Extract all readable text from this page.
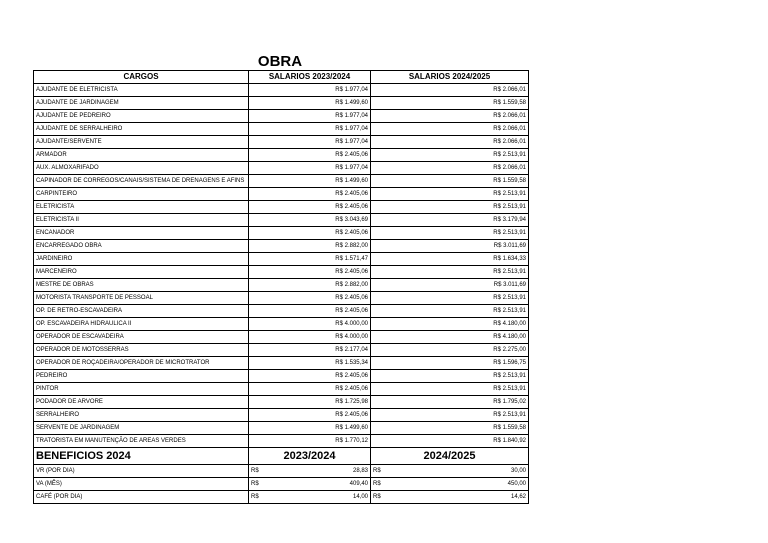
OBRA
CARGOS	SALARIOS 2023/2024	SALARIOS 2024/2025
AJUDANTE DE ELETRICISTA	R$ 1.977,04	R$ 2.066,01
AJUDANTE DE JARDINAGEM	R$ 1.499,60	R$ 1.559,58
AJUDANTE DE PEDREIRO	R$ 1.977,04	R$ 2.066,01
AJUDANTE DE SERRALHEIRO	R$ 1.977,04	R$ 2.066,01
AJUDANTE/SERVENTE	R$ 1.977,04	R$ 2.066,01
ARMADOR	R$ 2.405,06	R$ 2.513,91
AUX. ALMOXARIFADO	R$ 1.977,04	R$ 2.066,01
CAPINADOR DE CORREGOS/CANAIS/SISTEMA DE DRENAGENS E AFINS	R$ 1.499,60	R$ 1.559,58
CARPINTEIRO	R$ 2.405,06	R$ 2.513,91
ELETRICISTA	R$ 2.405,06	R$ 2.513,91
ELETRICISTA II	R$ 3.043,69	R$ 3.179,94
ENCANADOR	R$ 2.405,06	R$ 2.513,91
ENCARREGADO OBRA	R$ 2.882,00	R$ 3.011,69
JARDINEIRO	R$ 1.571,47	R$ 1.634,33
MARCENEIRO	R$ 2.405,06	R$ 2.513,91
MESTRE DE OBRAS	R$ 2.882,00	R$ 3.011,69
MOTORISTA TRANSPORTE DE PESSOAL	R$ 2.405,06	R$ 2.513,91
OP. DE RETRO-ESCAVADEIRA	R$ 2.405,06	R$ 2.513,91
OP. ESCAVADEIRA HIDRAULICA II	R$ 4.000,00	R$ 4.180,00
OPERADOR DE ESCAVADEIRA	R$ 4.000,00	R$ 4.180,00
OPERADOR DE MOTOSSERRAS	R$ 2.177,04	R$ 2.275,00
OPERADOR DE ROÇADEIRA/OPERADOR DE MICROTRATOR	R$ 1.535,34	R$ 1.596,75
PEDREIRO	R$ 2.405,06	R$ 2.513,91
PINTOR	R$ 2.405,06	R$ 2.513,91
PODADOR DE ARVORE	R$ 1.725,98	R$ 1.795,02
SERRALHEIRO	R$ 2.405,06	R$ 2.513,91
SERVENTE DE JARDINAGEM	R$ 1.499,60	R$ 1.559,58
TRATORISTA EM MANUTENÇÃO DE AREAS VERDES	R$ 1.770,12	R$ 1.840,92
BENEFICIOS 2024	2023/2024	2024/2025
VR (POR DIA)	R$ 28,83	R$ 30,00

VA (MÊS)	R$ 409,40	R$ 450,00

CAFÉ (POR DIA)	R$ 14,00	R$ 14,62
